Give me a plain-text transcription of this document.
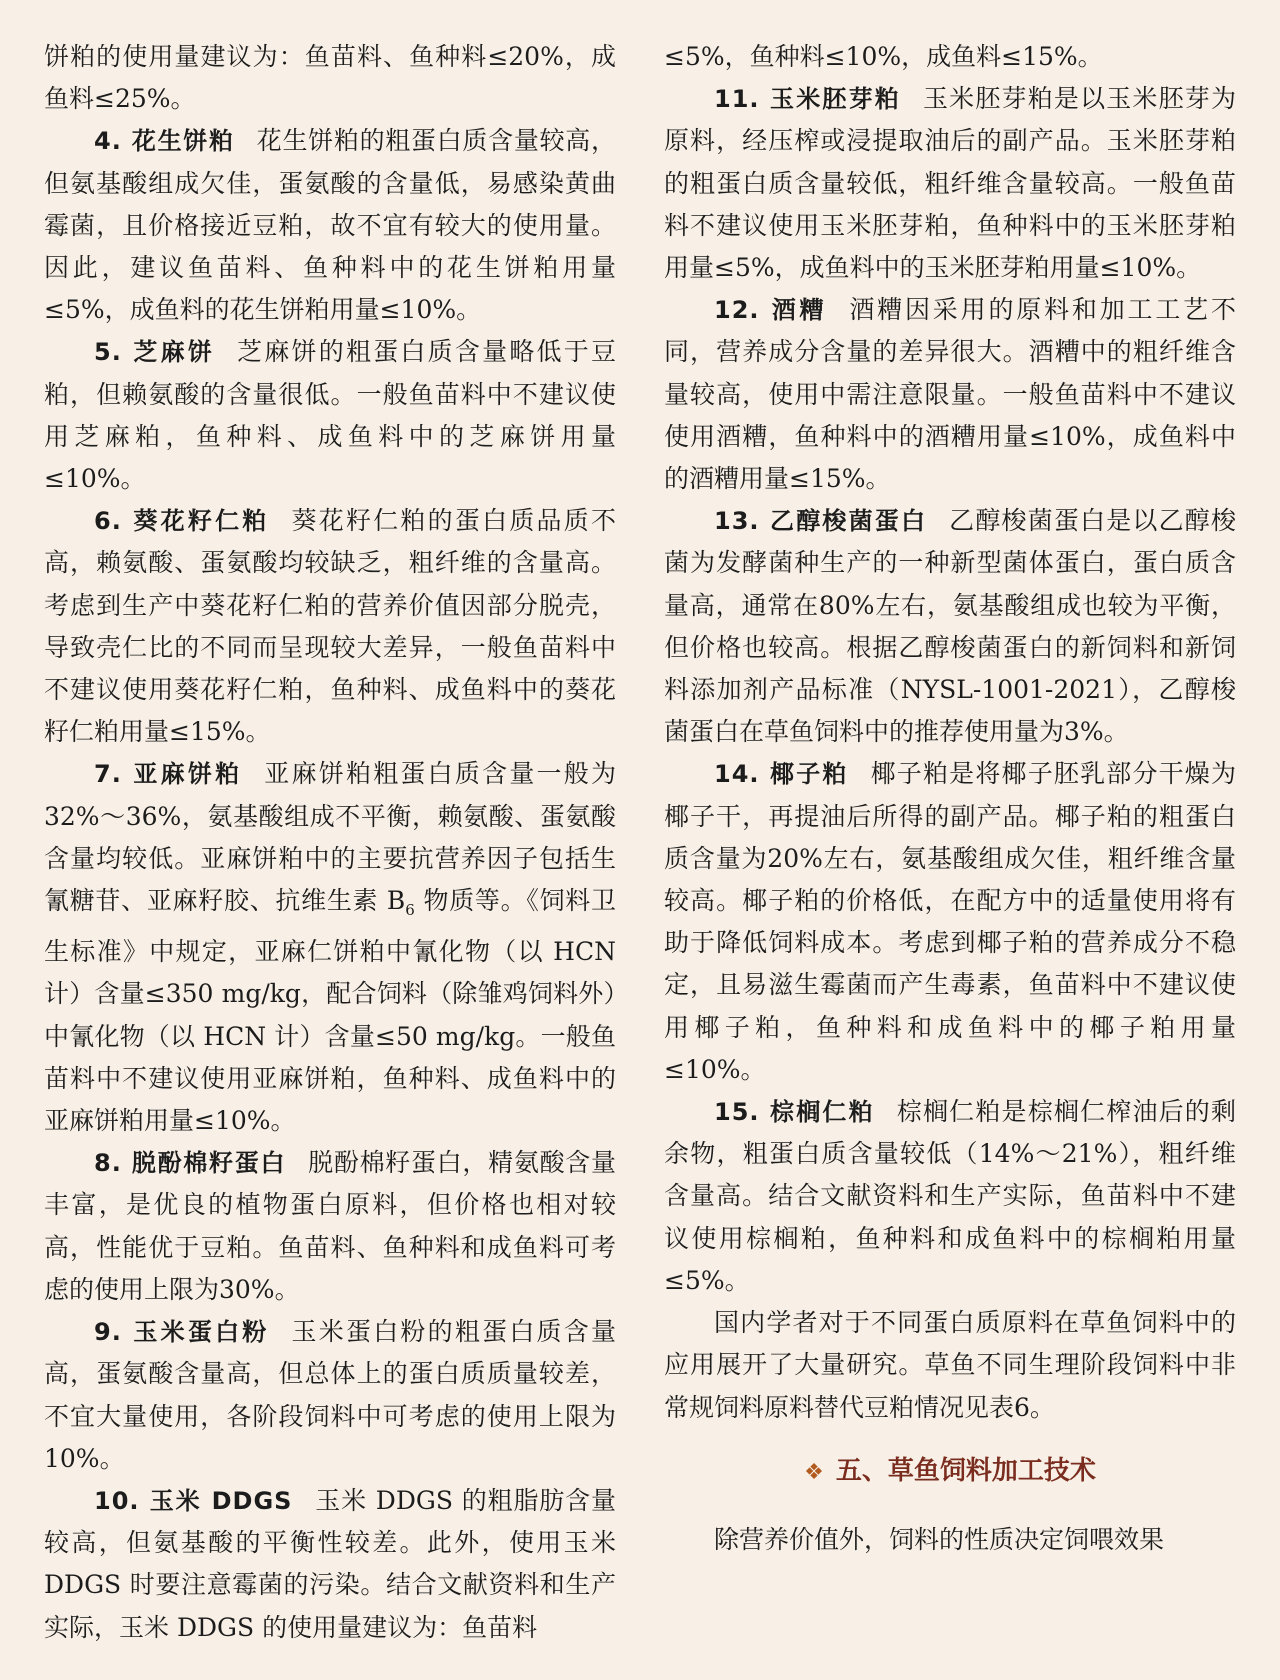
饼粕的使用量建议为：鱼苗料、鱼种料≤20%，成鱼料≤25%。

4. 花生饼粕 花生饼粕的粗蛋白质含量较高，但氨基酸组成欠佳，蛋氨酸的含量低，易感染黄曲霉菌，且价格接近豆粕，故不宜有较大的使用量。因此，建议鱼苗料、鱼种料中的花生饼粕用量≤5%，成鱼料的花生饼粕用量≤10%。

5. 芝麻饼 芝麻饼的粗蛋白质含量略低于豆粕，但赖氨酸的含量很低。一般鱼苗料中不建议使用芝麻粕，鱼种料、成鱼料中的芝麻饼用量≤10%。

6. 葵花籽仁粕 葵花籽仁粕的蛋白质品质不高，赖氨酸、蛋氨酸均较缺乏，粗纤维的含量高。考虑到生产中葵花籽仁粕的营养价值因部分脱壳，导致壳仁比的不同而呈现较大差异，一般鱼苗料中不建议使用葵花籽仁粕，鱼种料、成鱼料中的葵花籽仁粕用量≤15%。

7. 亚麻饼粕 亚麻饼粕粗蛋白质含量一般为32%～36%，氨基酸组成不平衡，赖氨酸、蛋氨酸含量均较低。亚麻饼粕中的主要抗营养因子包括生氰糖苷、亚麻籽胶、抗维生素 $B_6$ 物质等。《饲料卫生标准》中规定，亚麻仁饼粕中氰化物（以 HCN 计）含量≤350 mg/kg，配合饲料（除雏鸡饲料外）中氰化物（以 HCN 计）含量≤50 mg/kg。一般鱼苗料中不建议使用亚麻饼粕，鱼种料、成鱼料中的亚麻饼粕用量≤10%。

8. 脱酚棉籽蛋白 脱酚棉籽蛋白，精氨酸含量丰富，是优良的植物蛋白原料，但价格也相对较高，性能优于豆粕。鱼苗料、鱼种料和成鱼料可考虑的使用上限为30%。

9. 玉米蛋白粉 玉米蛋白粉的粗蛋白质含量高，蛋氨酸含量高，但总体上的蛋白质质量较差，不宜大量使用，各阶段饲料中可考虑的使用上限为10%。

10. 玉米 DDGS 玉米 DDGS 的粗脂肪含量较高，但氨基酸的平衡性较差。此外，使用玉米 DDGS 时要注意霉菌的污染。结合文献资料和生产实际，玉米 DDGS 的使用量建议为：鱼苗料

≤5%，鱼种料≤10%，成鱼料≤15%。

11. 玉米胚芽粕 玉米胚芽粕是以玉米胚芽为原料，经压榨或浸提取油后的副产品。玉米胚芽粕的粗蛋白质含量较低，粗纤维含量较高。一般鱼苗料不建议使用玉米胚芽粕，鱼种料中的玉米胚芽粕用量≤5%，成鱼料中的玉米胚芽粕用量≤10%。

12. 酒糟 酒糟因采用的原料和加工工艺不同，营养成分含量的差异很大。酒糟中的粗纤维含量较高，使用中需注意限量。一般鱼苗料中不建议使用酒糟，鱼种料中的酒糟用量≤10%，成鱼料中的酒糟用量≤15%。

13. 乙醇梭菌蛋白 乙醇梭菌蛋白是以乙醇梭菌为发酵菌种生产的一种新型菌体蛋白，蛋白质含量高，通常在80%左右，氨基酸组成也较为平衡，但价格也较高。根据乙醇梭菌蛋白的新饲料和新饲料添加剂产品标准（NYSL-1001-2021），乙醇梭菌蛋白在草鱼饲料中的推荐使用量为3%。

14. 椰子粕 椰子粕是将椰子胚乳部分干燥为椰子干，再提油后所得的副产品。椰子粕的粗蛋白质含量为20%左右，氨基酸组成欠佳，粗纤维含量较高。椰子粕的价格低，在配方中的适量使用将有助于降低饲料成本。考虑到椰子粕的营养成分不稳定，且易滋生霉菌而产生毒素，鱼苗料中不建议使用椰子粕，鱼种料和成鱼料中的椰子粕用量≤10%。

15. 棕榈仁粕 棕榈仁粕是棕榈仁榨油后的剩余物，粗蛋白质含量较低（14%～21%），粗纤维含量高。结合文献资料和生产实际，鱼苗料中不建议使用棕榈粕，鱼种料和成鱼料中的棕榈粕用量≤5%。

国内学者对于不同蛋白质原料在草鱼饲料中的应用展开了大量研究。草鱼不同生理阶段饲料中非常规饲料原料替代豆粕情况见表6。

❖ 五、草鱼饲料加工技术

除营养价值外，饲料的性质决定饲喂效果
